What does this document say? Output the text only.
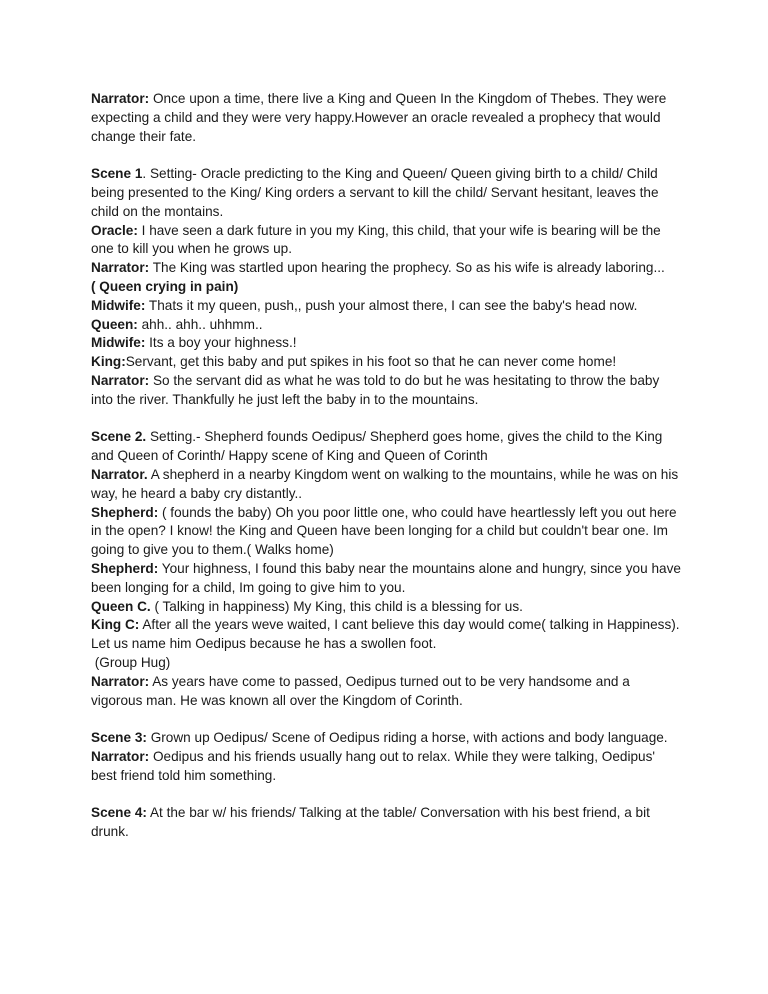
Narrator: Once upon a time, there live a King and Queen In the Kingdom of Thebes. They were expecting a child and they were very happy.However an oracle revealed a prophecy that would change their fate.

Scene 1. Setting- Oracle predicting to the King and Queen/ Queen giving birth to a child/ Child being presented to the King/ King orders a servant to kill the child/ Servant hesitant, leaves the child on the montains.

Oracle: I have seen a dark future in you my King, this child, that your wife is bearing will be the one to kill you when he grows up.

Narrator: The King was startled upon hearing the prophecy. So as his wife is already laboring...

( Queen crying in pain)

Midwife: Thats it my queen, push,, push your almost there, I can see the baby's head now.

Queen: ahh.. ahh.. uhhmm..

Midwife: Its a boy your highness.!

King:Servant, get this baby and put spikes in his foot so that he can never come home!

Narrator: So the servant did as what he was told to do but he was hesitating to throw the baby into the river. Thankfully he just left the baby in to the mountains.

Scene 2. Setting.- Shepherd founds Oedipus/ Shepherd goes home, gives the child to the King and Queen of Corinth/ Happy scene of King and Queen of Corinth

Narrator. A shepherd in a nearby Kingdom went on walking to the mountains, while he was on his way, he heard a baby cry distantly..

Shepherd: ( founds the baby) Oh you poor little one, who could have heartlessly left you out here in the open? I know! the King and Queen have been longing for a child but couldn't bear one. Im going to give you to them.( Walks home)

Shepherd: Your highness, I found this baby near the mountains alone and hungry, since you have been longing for a child, Im going to give him to you.

Queen C. ( Talking in happiness) My King, this child is a blessing for us.

King C: After all the years weve waited, I cant believe this day would come( talking in Happiness).

Let us name him Oedipus because he has a swollen foot.

(Group Hug)

Narrator: As years have come to passed, Oedipus turned out to be very handsome and a vigorous man. He was known all over the Kingdom of Corinth.

Scene 3: Grown up Oedipus/ Scene of Oedipus riding a horse, with actions and body language.

Narrator: Oedipus and his friends usually hang out to relax. While they were talking, Oedipus' best friend told him something.

Scene 4: At the bar w/ his friends/ Talking at the table/ Conversation with his best friend, a bit drunk.
